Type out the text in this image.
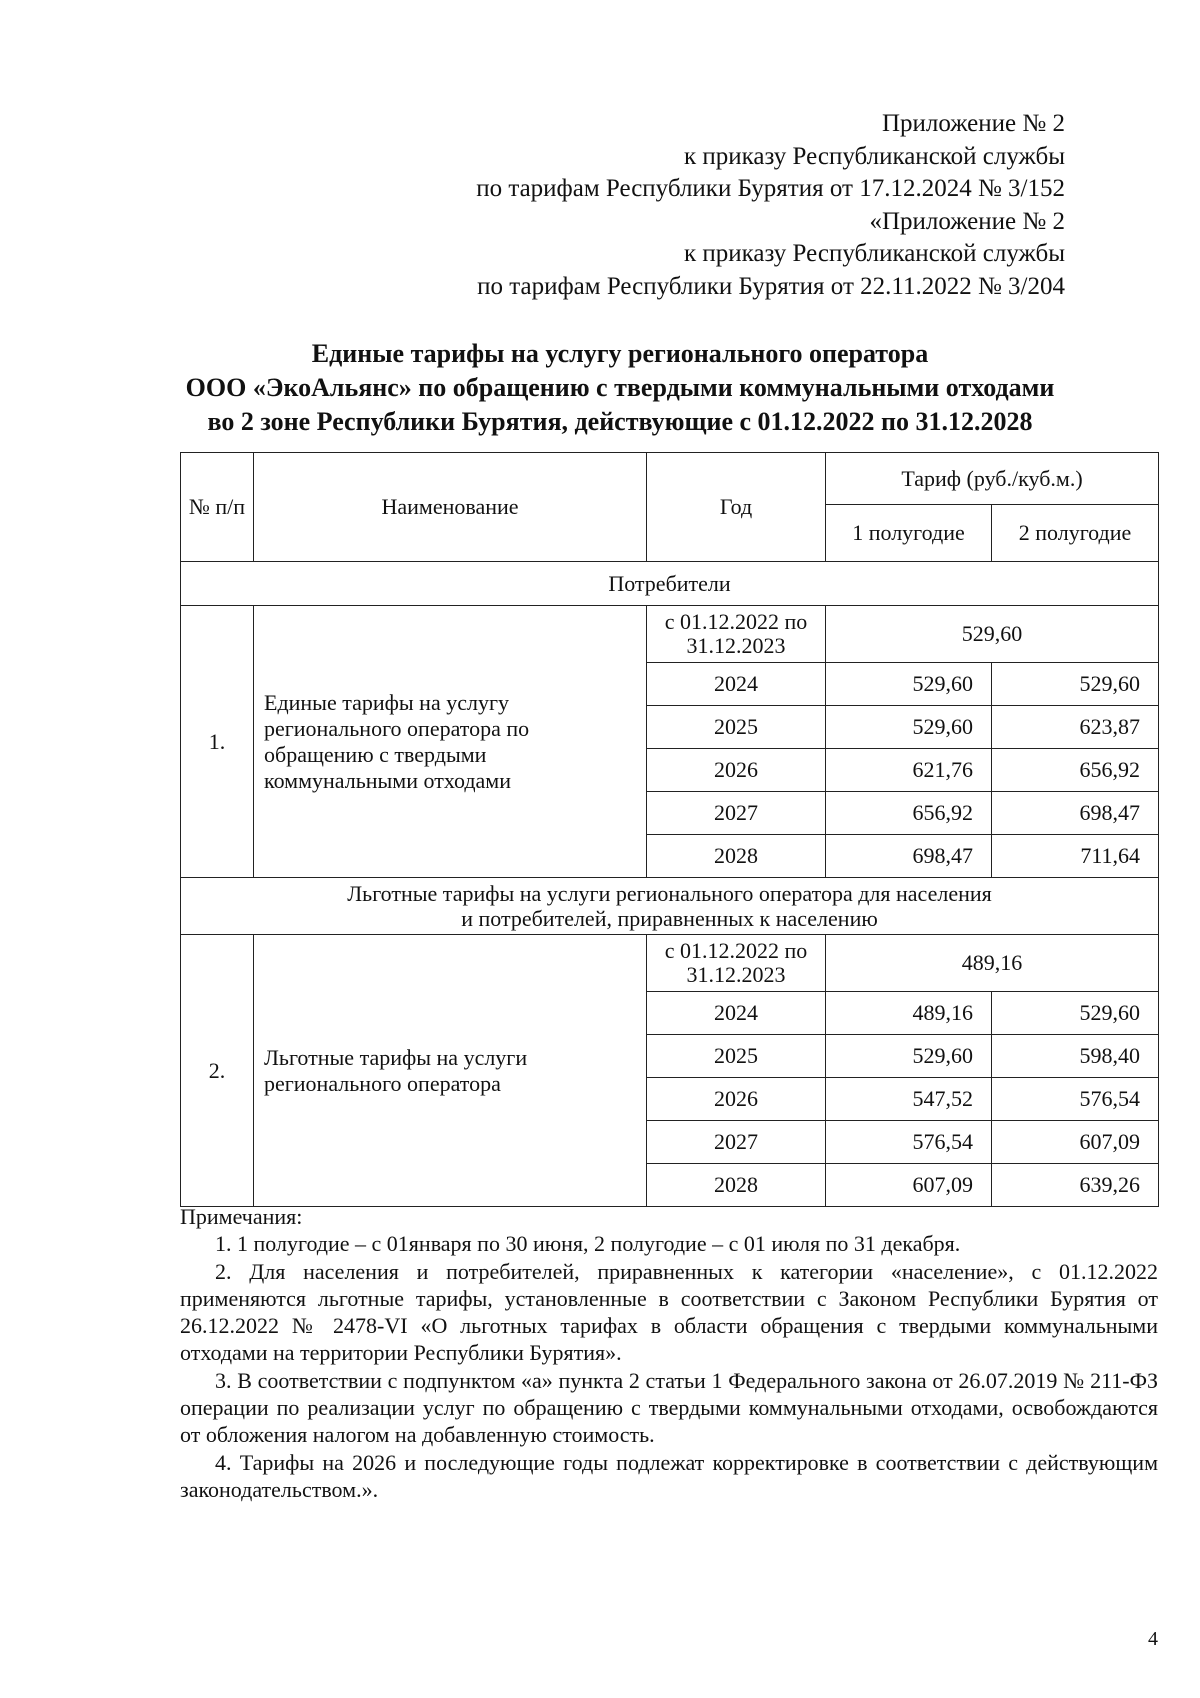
Приложение № 2
к приказу Республиканской службы
по тарифам Республики Бурятия от 17.12.2024 № 3/152
«Приложение № 2
к приказу Республиканской службы
по тарифам Республики Бурятия от 22.11.2022 № 3/204
Единые тарифы на услугу регионального оператора
ООО «ЭкоАльянс» по обращению с твердыми коммунальными отходами
во 2 зоне Республики Бурятия, действующие с 01.12.2022 по 31.12.2028
№ п/п	Наименование	Год	Тариф (руб./куб.м.)	
			1 полугодие	2 полугодие
Потребители				
1.	Единые тарифы на услугу регионального оператора по обращению с твердыми коммунальными отходами	с 01.12.2022 по 31.12.2023	529,60	
		2024	529,60	529,60
		2025	529,60	623,87
		2026	621,76	656,92
		2027	656,92	698,47
		2028	698,47	711,64

Льготные тарифы на услуги регионального оператора для населения
и потребителей, приравненных к населению				

2.	Льготные тарифы на услуги регионального оператора	с 01.12.2022 по 31.12.2023	489,16	
		2024	489,16	529,60
		2025	529,60	598,40
		2026	547,52	576,54
		2027	576,54	607,09
		2028	607,09	639,26

Примечания:

1. 1 полугодие – с 01января по 30 июня, 2 полугодие – с 01 июля по 31 декабря.

2. Для населения и потребителей, приравненных к категории «население», с 01.12.2022 применяются льготные тарифы, установленные в соответствии с Законом Республики Бурятия от 26.12.2022 № 2478-VI «О льготных тарифах в области обращения с твердыми коммунальными отходами на территории Республики Бурятия».

3. В соответствии с подпунктом «а» пункта 2 статьи 1 Федерального закона от 26.07.2019 № 211-ФЗ операции по реализации услуг по обращению с твердыми коммунальными отходами, освобождаются от обложения налогом на добавленную стоимость.

4. Тарифы на 2026 и последующие годы подлежат корректировке в соответствии с действующим законодательством.».

4
